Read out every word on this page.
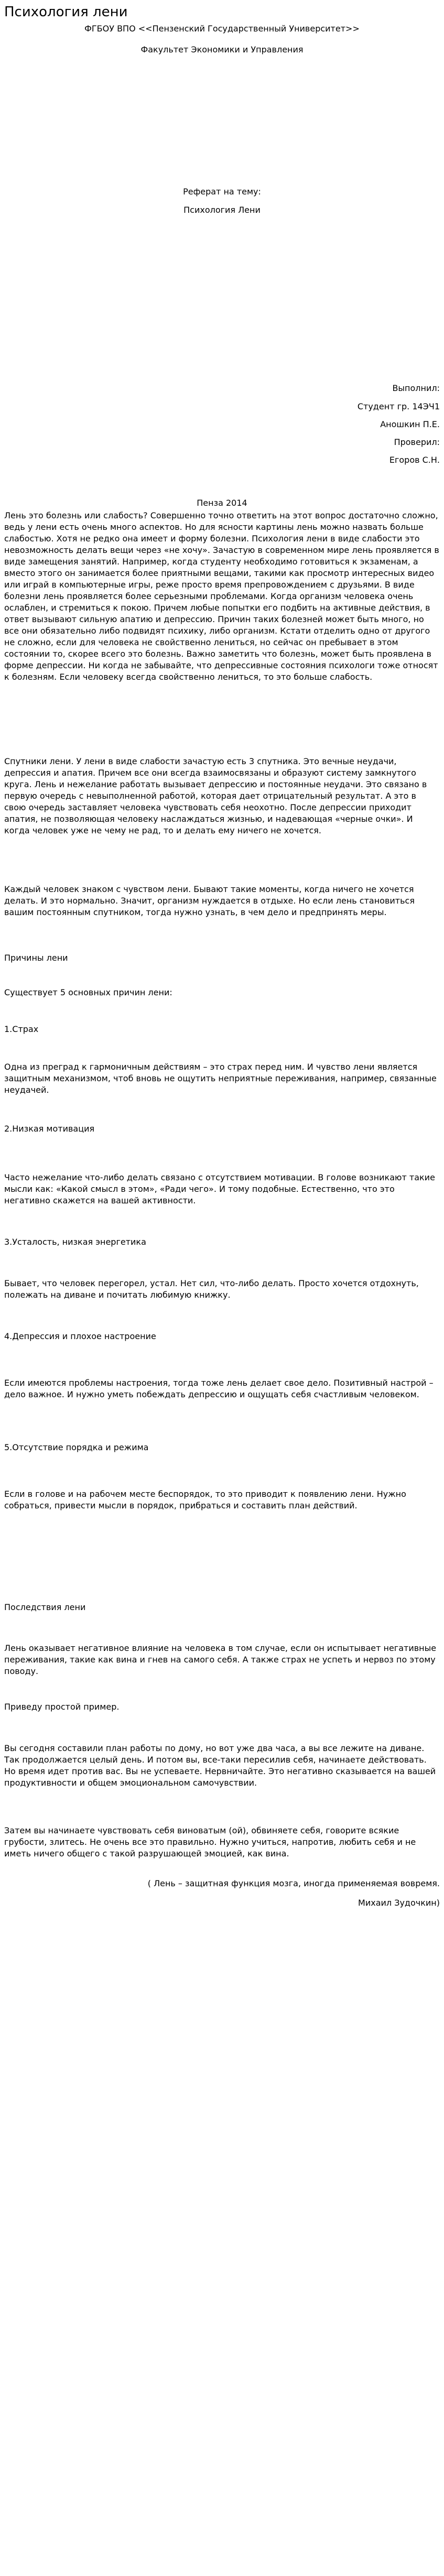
Психология лени

ФГБОУ ВПО <<Пензенский Государственный Университет>>

Факультет Экономики и Управления

Реферат на тему:

Психология Лени

Выполнил:

Студент гр. 14ЭЧ1

Аношкин П.Е.

Проверил:

Егоров С.Н.

Пенза 2014

Лень это болезнь или слабость? Совершенно точно ответить на этот вопрос достаточно сложно, ведь у лени есть очень много аспектов. Но для ясности картины лень можно назвать больше слабостью. Хотя не редко она имеет и форму болезни. Психология лени в виде слабости это невозможность делать вещи через «не хочу». Зачастую в современном мире лень проявляется в виде замещения занятий. Например, когда студенту необходимо готовиться к экзаменам, а вместо этого он занимается более приятными вещами, такими как просмотр интересных видео или играй в компьютерные игры, реже просто время препровождением с друзьями. В виде болезни лень проявляется более серьезными проблемами. Когда организм человека очень ослаблен, и стремиться к покою. Причем любые попытки его подбить на активные действия, в ответ вызывают сильную апатию и депрессию. Причин таких болезней может быть много, но все они обязательно либо подвидят психику, либо организм. Кстати отделить одно от другого не сложно, если для человека не свойственно лениться, но сейчас он пребывает в этом состоянии то, скорее всего это болезнь. Важно заметить что болезнь, может быть проявлена в форме депрессии. Ни когда не забывайте, что депрессивные состояния психологи тоже относят к болезням. Если человеку всегда свойственно лениться, то это больше слабость.

Спутники лени. У лени в виде слабости зачастую есть 3 спутника. Это вечные неудачи, депрессия и апатия. Причем все они всегда взаимосвязаны и образуют систему замкнутого круга. Лень и нежелание работать вызывает депрессию и постоянные неудачи. Это связано в первую очередь с невыполненной работой, которая дает отрицательный результат. А это в свою очередь заставляет человека чувствовать себя неохотно. После депрессии приходит апатия, не позволяющая человеку наслаждаться жизнью, и надевающая «черные очки». И когда человек уже не чему не рад, то и делать ему ничего не хочется.

Каждый человек знаком с чувством лени. Бывают такие моменты, когда ничего не хочется делать. И это нормально. Значит, организм нуждается в отдыхе. Но если лень становиться вашим постоянным спутником, тогда нужно узнать, в чем дело и предпринять меры.

Причины лени

Существует 5 основных причин лени:

1.Страх

Одна из преград к гармоничным действиям – это страх перед ним. И чувство лени является защитным механизмом, чтоб вновь не ощутить неприятные переживания, например, связанные неудачей.

2.Низкая мотивация

Часто нежелание что-либо делать связано с отсутствием мотивации. В голове возникают такие мысли как: «Какой смысл в этом», «Ради чего». И тому подобные. Естественно, что это негативно скажется на вашей активности.

3.Усталость, низкая энергетика

Бывает, что человек перегорел, устал. Нет сил, что-либо делать. Просто хочется отдохнуть, полежать на диване и почитать любимую книжку.

4.Депрессия и плохое настроение

Если имеются проблемы настроения, тогда тоже лень делает свое дело. Позитивный настрой – дело важное. И нужно уметь побеждать депрессию и ощущать себя счастливым человеком.

5.Отсутствие порядка и режима

Если в голове и на рабочем месте беспорядок, то это приводит к появлению лени. Нужно собраться, привести мысли в порядок, прибраться и составить план действий.

Последствия лени

Лень оказывает негативное влияние на человека в том случае, если он испытывает негативные переживания, такие как вина и гнев на самого себя. А также страх не успеть и нервоз по этому поводу.

Приведу простой пример.

Вы сегодня составили план работы по дому, но вот уже два часа, а вы все лежите на диване. Так продолжается целый день. И потом вы, все-таки пересилив себя, начинаете действовать. Но время идет против вас. Вы не успеваете. Нервничайте. Это негативно сказывается на вашей продуктивности и общем эмоциональном самочувствии.

Затем вы начинаете чувствовать себя виноватым (ой), обвиняете себя, говорите всякие грубости, злитесь. Не очень все это правильно. Нужно учиться, напротив, любить себя и не иметь ничего общего с такой разрушающей эмоцией, как вина.

( Лень – защитная функция мозга, иногда применяемая вовремя.

Михаил Зудочкин)
